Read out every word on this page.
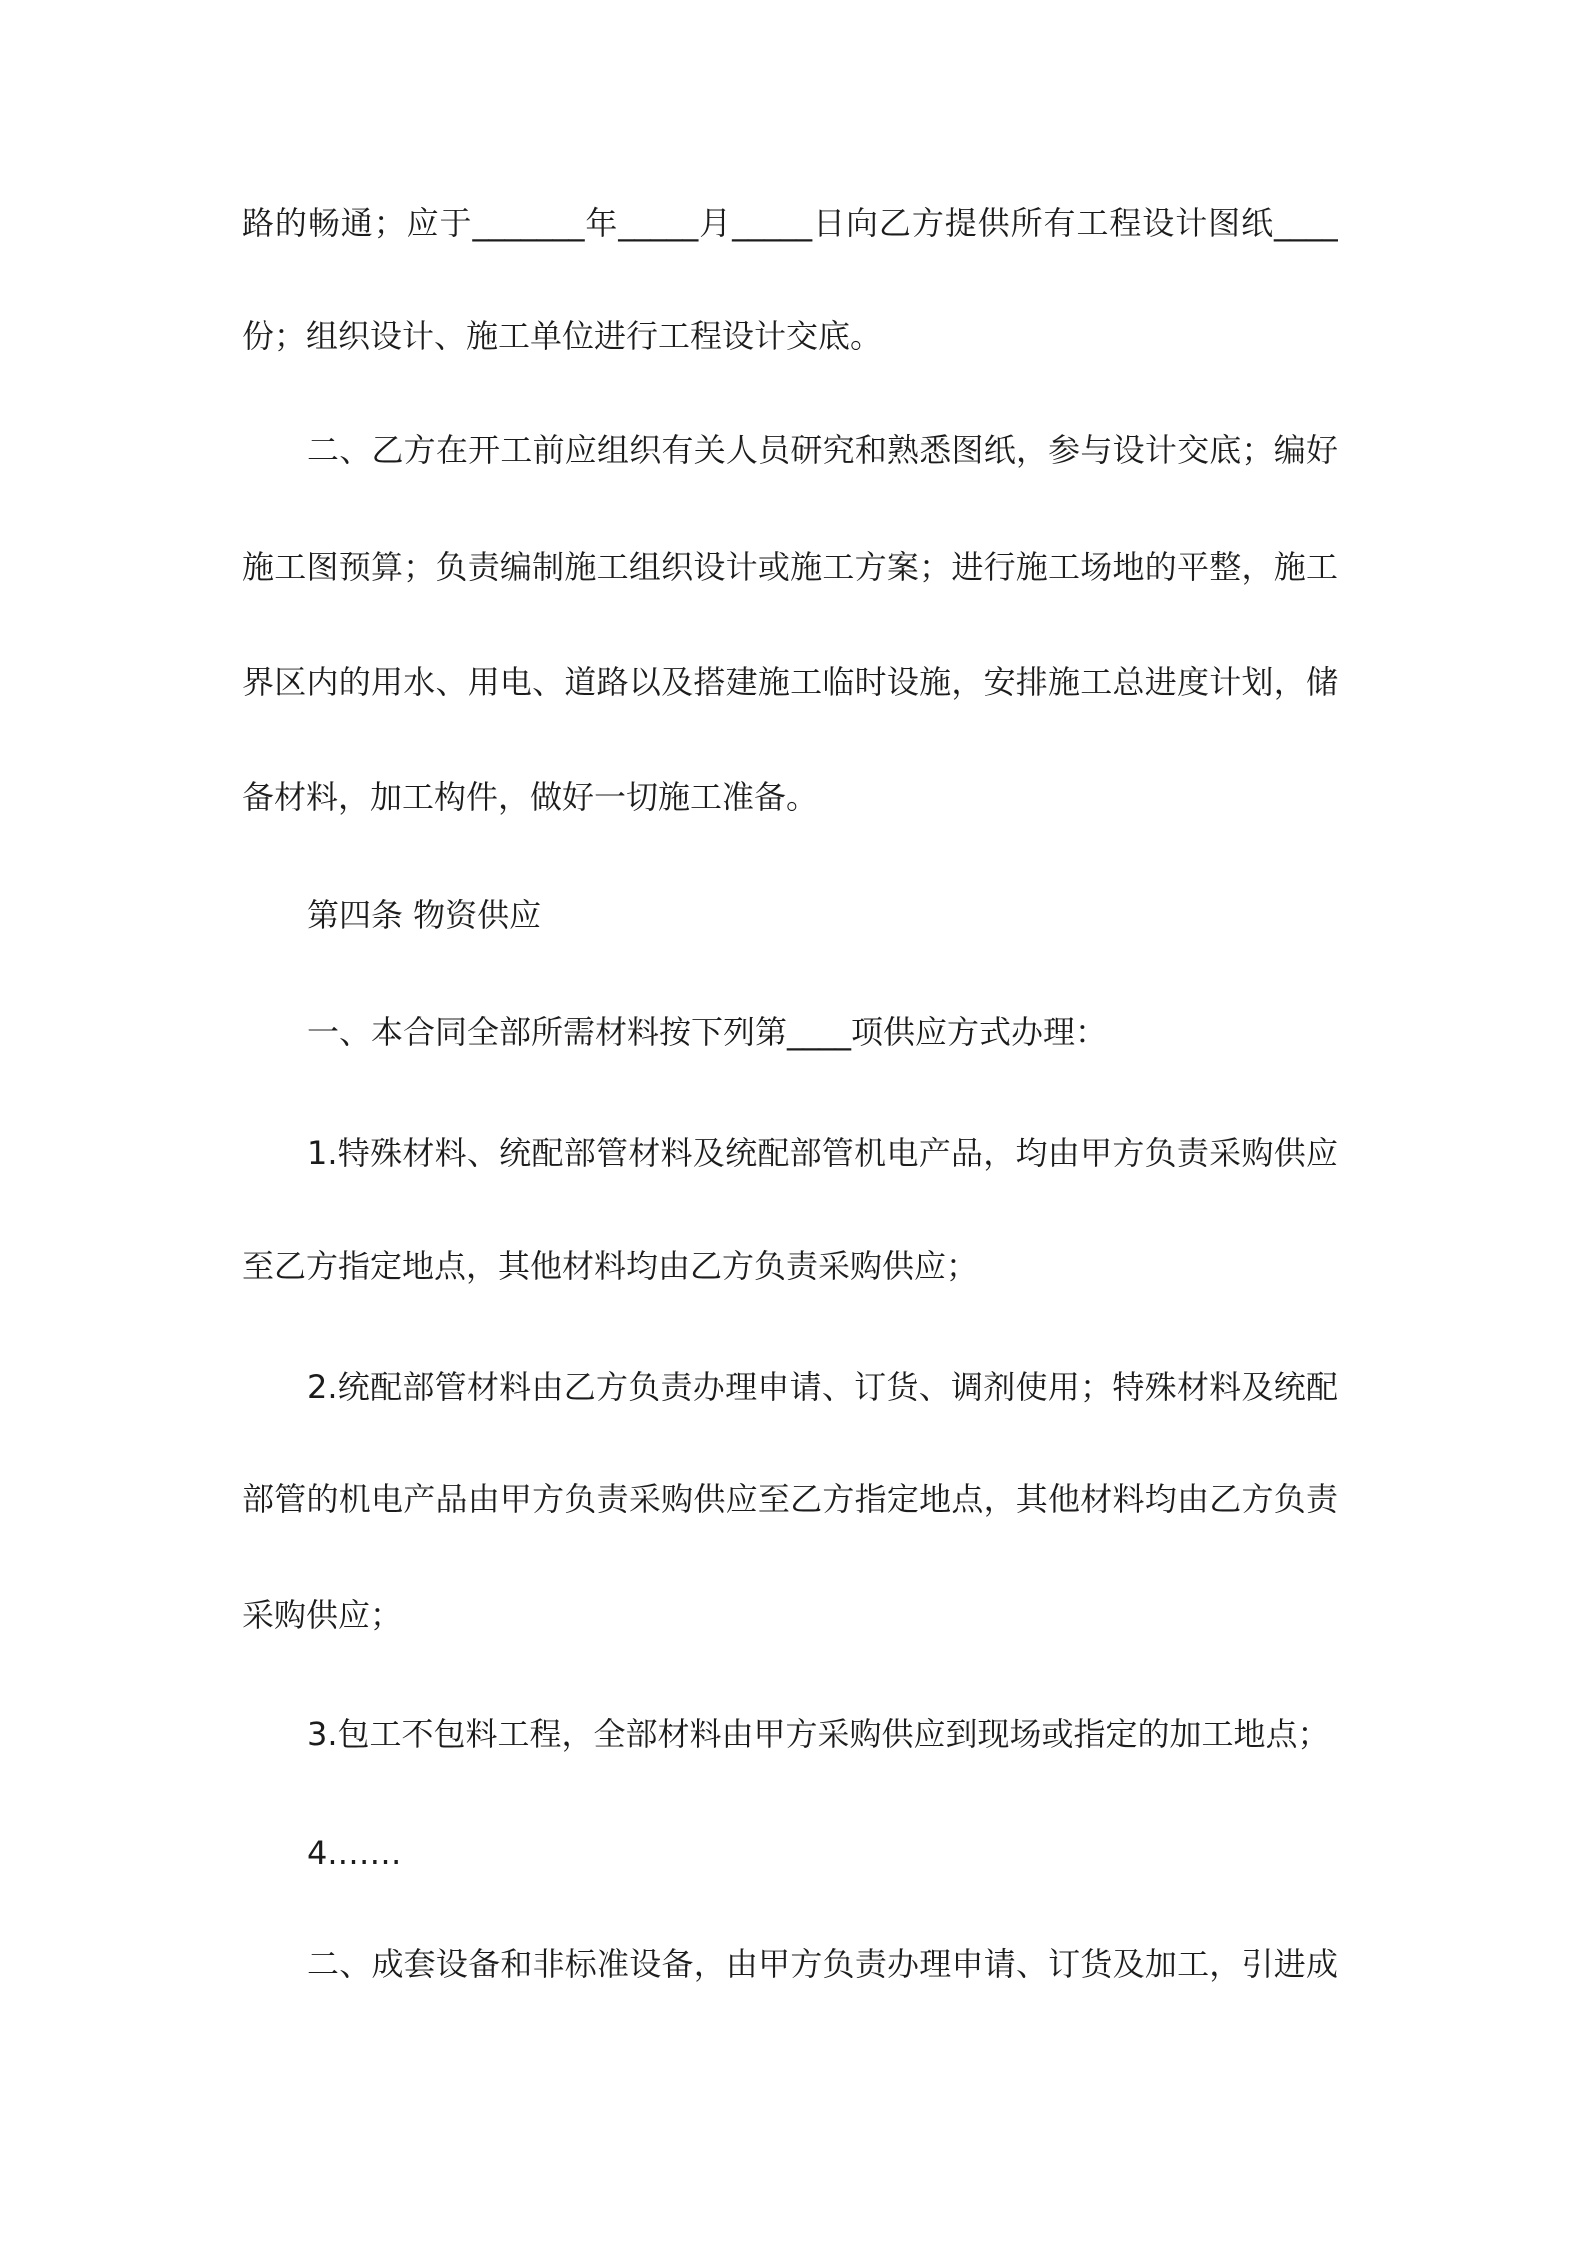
路的畅通；应于_______年_____月_____日向乙方提供所有工程设计图纸____
份；组织设计、施工单位进行工程设计交底。
二、乙方在开工前应组织有关人员研究和熟悉图纸，参与设计交底；编好
施工图预算；负责编制施工组织设计或施工方案；进行施工场地的平整，施工
界区内的用水、用电、道路以及搭建施工临时设施，安排施工总进度计划，储
备材料，加工构件，做好一切施工准备。
第四条 物资供应
一、本合同全部所需材料按下列第____项供应方式办理：
1.特殊材料、统配部管材料及统配部管机电产品，均由甲方负责采购供应
至乙方指定地点，其他材料均由乙方负责采购供应；
2.统配部管材料由乙方负责办理申请、订货、调剂使用；特殊材料及统配
部管的机电产品由甲方负责采购供应至乙方指定地点，其他材料均由乙方负责
采购供应；
3.包工不包料工程，全部材料由甲方采购供应到现场或指定的加工地点；
4.……
二、成套设备和非标准设备，由甲方负责办理申请、订货及加工，引进成
